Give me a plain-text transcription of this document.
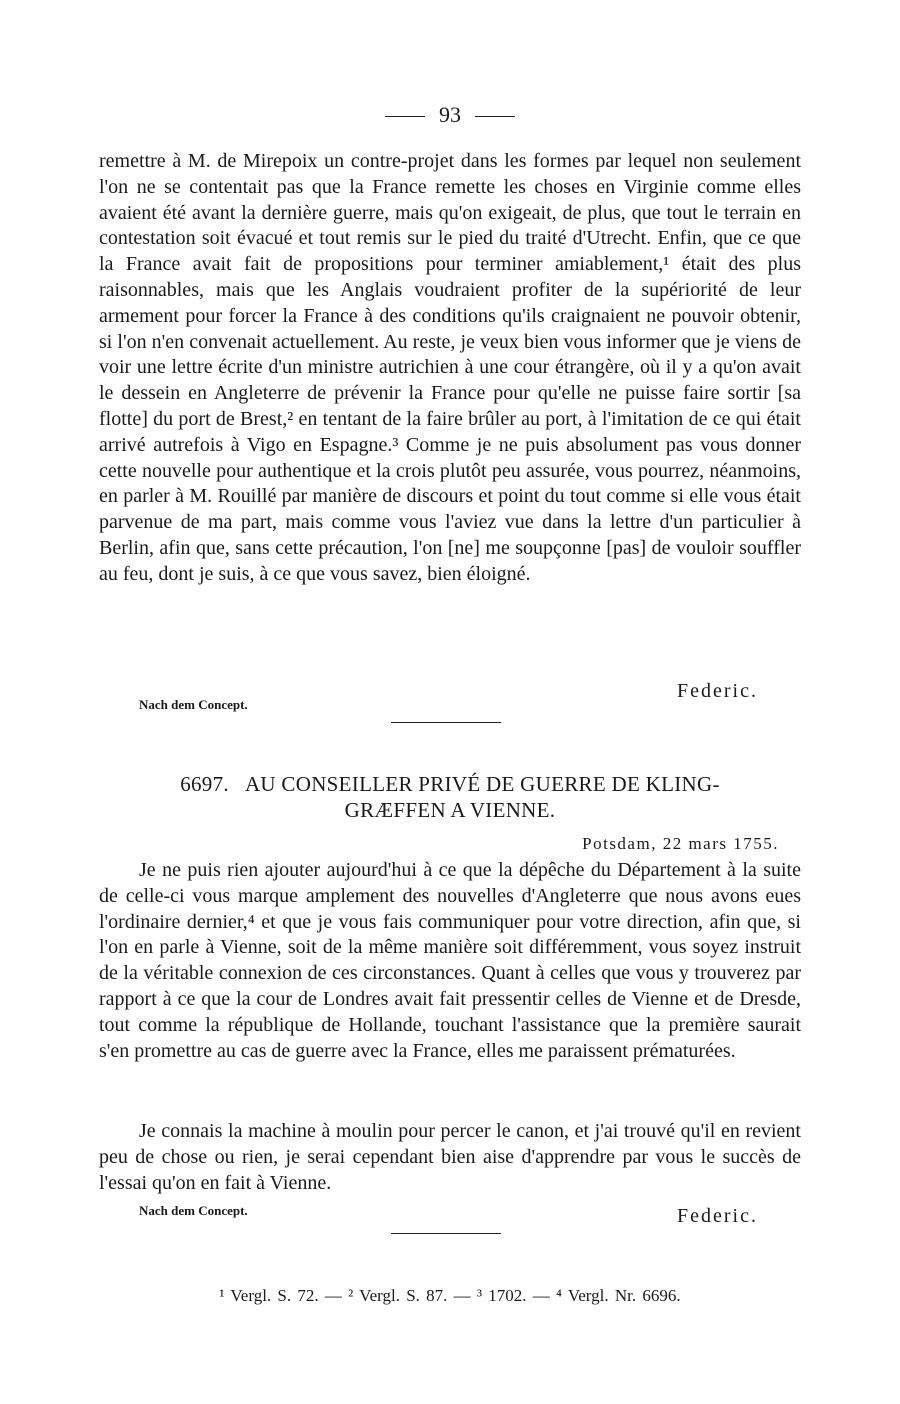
93

remettre à M. de Mirepoix un contre-projet dans les formes par lequel non seulement l'on ne se contentait pas que la France remette les choses en Virginie comme elles avaient été avant la dernière guerre, mais qu'on exigeait, de plus, que tout le terrain en contestation soit évacué et tout remis sur le pied du traité d'Utrecht. Enfin, que ce que la France avait fait de propositions pour terminer amiablement,¹ était des plus raisonnables, mais que les Anglais voudraient profiter de la supériorité de leur armement pour forcer la France à des conditions qu'ils craignaient ne pouvoir obtenir, si l'on n'en convenait actuellement. Au reste, je veux bien vous informer que je viens de voir une lettre écrite d'un ministre autrichien à une cour étrangère, où il y a qu'on avait le dessein en Angleterre de prévenir la France pour qu'elle ne puisse faire sortir [sa flotte] du port de Brest,² en tentant de la faire brûler au port, à l'imitation de ce qui était arrivé autrefois à Vigo en Espagne.³ Comme je ne puis absolument pas vous donner cette nouvelle pour authentique et la crois plutôt peu assurée, vous pourrez, néanmoins, en parler à M. Rouillé par manière de discours et point du tout comme si elle vous était parvenue de ma part, mais comme vous l'aviez vue dans la lettre d'un particulier à Berlin, afin que, sans cette précaution, l'on [ne] me soupçonne [pas] de vouloir souffler au feu, dont je suis, à ce que vous savez, bien éloigné.

Federic.
Nach dem Concept.
6697. AU CONSEILLER PRIVÉ DE GUERRE DE KLING-
GRÆFFEN A VIENNE.
Potsdam, 22 mars 1755.

Je ne puis rien ajouter aujourd'hui à ce que la dépêche du Département à la suite de celle-ci vous marque amplement des nouvelles d'Angleterre que nous avons eues l'ordinaire dernier,⁴ et que je vous fais communiquer pour votre direction, afin que, si l'on en parle à Vienne, soit de la même manière soit différemment, vous soyez instruit de la véritable connexion de ces circonstances. Quant à celles que vous y trouverez par rapport à ce que la cour de Londres avait fait pressentir celles de Vienne et de Dresde, tout comme la république de Hollande, touchant l'assistance que la première saurait s'en promettre au cas de guerre avec la France, elles me paraissent prématurées.

Je connais la machine à moulin pour percer le canon, et j'ai trouvé qu'il en revient peu de chose ou rien, je serai cependant bien aise d'apprendre par vous le succès de l'essai qu'on en fait à Vienne.

Nach dem Concept.	Federic.
¹ Vergl. S. 72. — ² Vergl. S. 87. — ³ 1702. — ⁴ Vergl. Nr. 6696.
